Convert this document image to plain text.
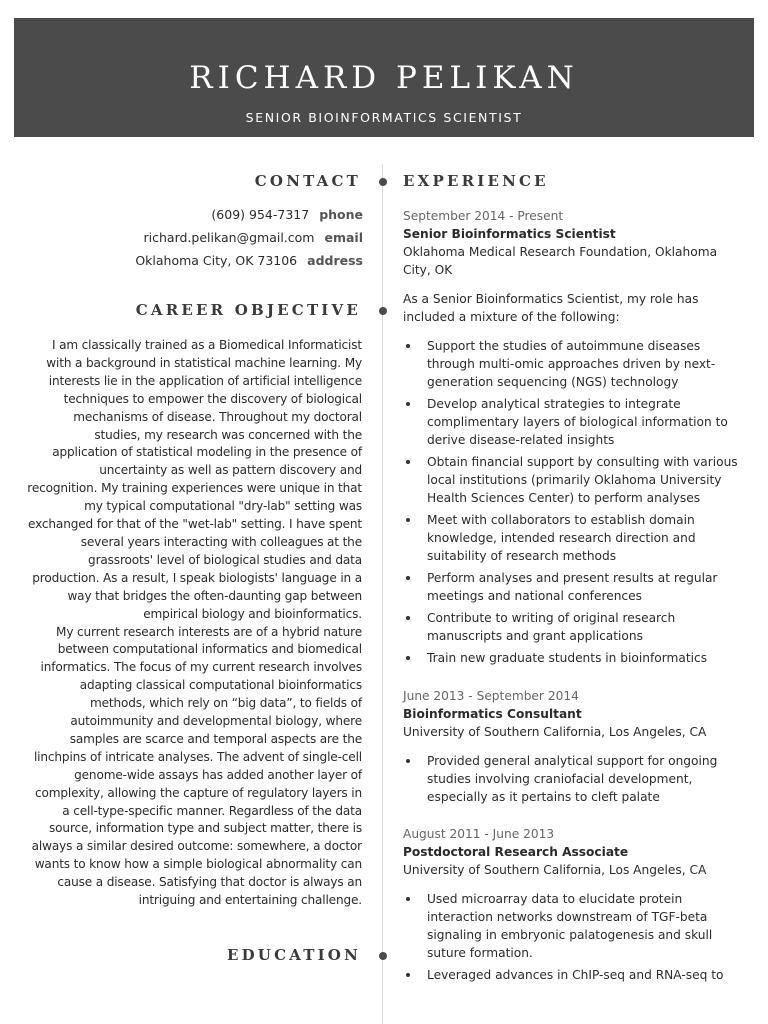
RICHARD PELIKAN
SENIOR BIOINFORMATICS SCIENTIST
CONTACT
(609) 954-7317 phone
richard.pelikan@gmail.com email
Oklahoma City, OK 73106 address
CAREER OBJECTIVE

I am classically trained as a Biomedical Informaticist with a background in statistical machine learning. My interests lie in the application of artificial intelligence techniques to empower the discovery of biological mechanisms of disease. Throughout my doctoral studies, my research was concerned with the application of statistical modeling in the presence of uncertainty as well as pattern discovery and recognition. My training experiences were unique in that my typical computational "dry-lab" setting was exchanged for that of the "wet-lab" setting. I have spent several years interacting with colleagues at the grassroots' level of biological studies and data production. As a result, I speak biologists' language in a way that bridges the often-daunting gap between empirical biology and bioinformatics.

My current research interests are of a hybrid nature between computational informatics and biomedical informatics. The focus of my current research involves adapting classical computational bioinformatics methods, which rely on “big data”, to fields of autoimmunity and developmental biology, where samples are scarce and temporal aspects are the linchpins of intricate analyses. The advent of single-cell genome-wide assays has added another layer of complexity, allowing the capture of regulatory layers in a cell-type-specific manner. Regardless of the data source, information type and subject matter, there is always a similar desired outcome: somewhere, a doctor wants to know how a simple biological abnormality can cause a disease. Satisfying that doctor is always an intriguing and entertaining challenge.

EDUCATION
EXPERIENCE
September 2014 - Present
Senior Bioinformatics Scientist
Oklahoma Medical Research Foundation, Oklahoma City, OK
As a Senior Bioinformatics Scientist, my role has included a mixture of the following:
Support the studies of autoimmune diseases through multi-omic approaches driven by next-generation sequencing (NGS) technology
Develop analytical strategies to integrate complimentary layers of biological information to derive disease-related insights
Obtain financial support by consulting with various local institutions (primarily Oklahoma University Health Sciences Center) to perform analyses
Meet with collaborators to establish domain knowledge, intended research direction and suitability of research methods
Perform analyses and present results at regular meetings and national conferences
Contribute to writing of original research manuscripts and grant applications
Train new graduate students in bioinformatics
June 2013 - September 2014
Bioinformatics Consultant
University of Southern California, Los Angeles, CA
Provided general analytical support for ongoing studies involving craniofacial development, especially as it pertains to cleft palate
August 2011 - June 2013
Postdoctoral Research Associate
University of Southern California, Los Angeles, CA
Used microarray data to elucidate protein interaction networks downstream of TGF-beta signaling in embryonic palatogenesis and skull suture formation.
Leveraged advances in ChIP-seq and RNA-seq to
